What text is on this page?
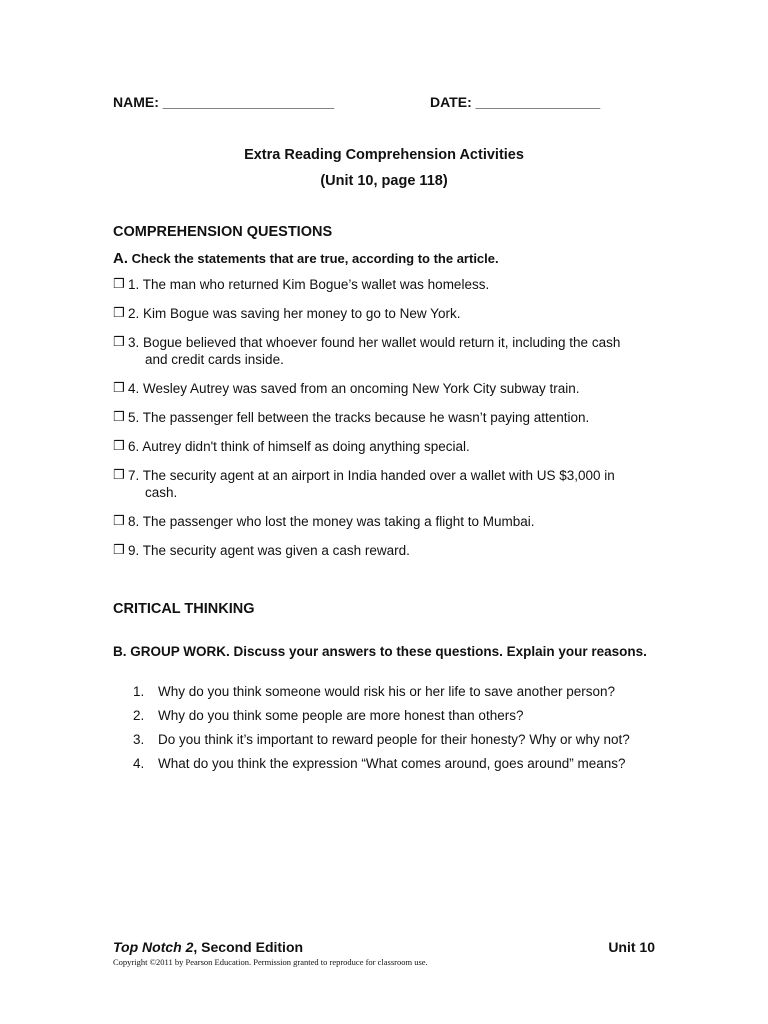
NAME: ______________________	DATE: ________________
Extra Reading Comprehension Activities
(Unit 10, page 118)
COMPREHENSION QUESTIONS
A. Check the statements that are true, according to the article.
❒ 1. The man who returned Kim Bogue’s wallet was homeless.
❒ 2. Kim Bogue was saving her money to go to New York.
❒ 3. Bogue believed that whoever found her wallet would return it, including the cash
and credit cards inside.
❒ 4. Wesley Autrey was saved from an oncoming New York City subway train.
❒ 5. The passenger fell between the tracks because he wasn’t paying attention.
❒ 6. Autrey didn't think of himself as doing anything special.
❒ 7. The security agent at an airport in India handed over a wallet with US $3,000 in
cash.
❒ 8. The passenger who lost the money was taking a flight to Mumbai.
❒ 9. The security agent was given a cash reward.
CRITICAL THINKING
B. GROUP WORK. Discuss your answers to these questions. Explain your reasons.
1.	Why do you think someone would risk his or her life to save another person?
2.	Why do you think some people are more honest than others?
3.	Do you think it’s important to reward people for their honesty? Why or why not?
4.	What do you think the expression “What comes around, goes around” means?
Top Notch 2, Second Edition	Unit 10
Copyright ©2011 by Pearson Education. Permission granted to reproduce for classroom use.
